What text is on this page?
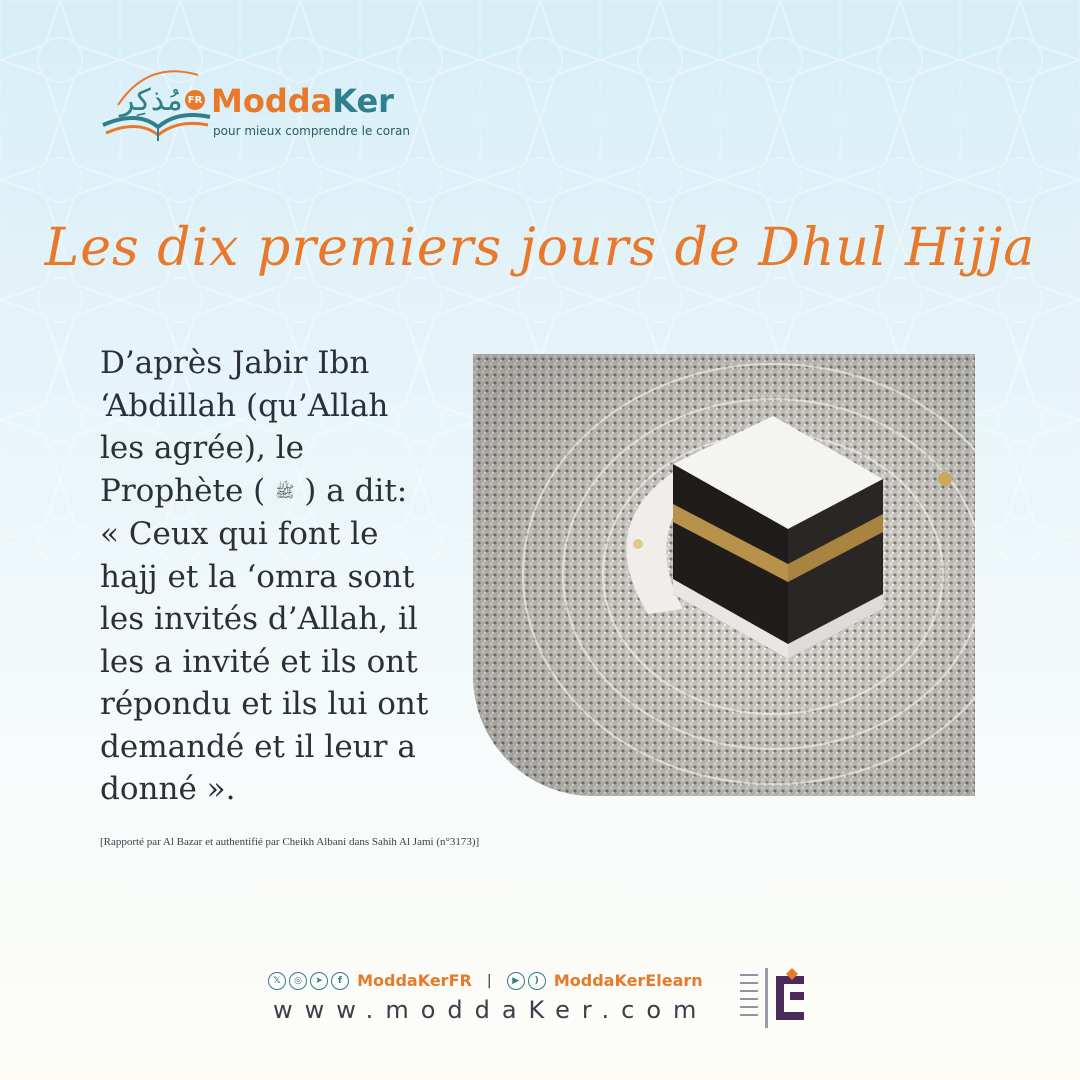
مُذكِر FR ModdaKer
pour mieux comprendre le coran
Les dix premiers jours de Dhul Hijja
D’après Jabir Ibn
‘Abdillah (qu’Allah
les agrée), le
Prophète ( ﷺ ) a dit:
« Ceux qui font le
hajj et la ‘omra sont
les invités d’Allah, il
les a invité et ils ont
répondu et ils lui ont
demandé et il leur a
donné ».
[Rapporté par Al Bazar et authentifié par Cheikh Albani dans Sahih Al Jami (n°3173)]
𝕏 ◎ ➤ f ModdaKerFR | ▶ ) ModdaKerElearn
www.moddaKer.com
